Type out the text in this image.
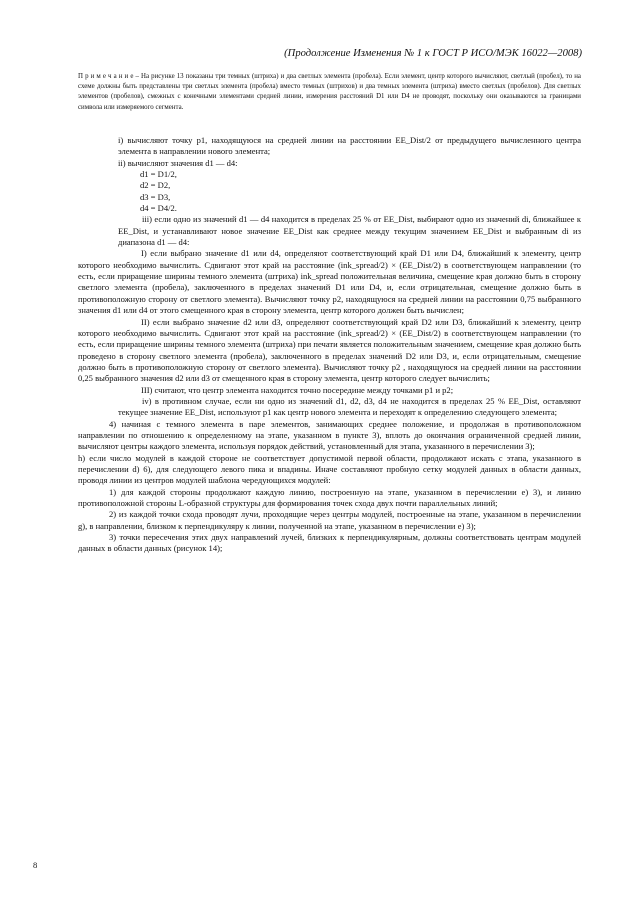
(Продолжение Изменения № 1 к ГОСТ Р ИСО/МЭК 16022—2008)
П р и м е ч а н и е – На рисунке 13 показаны три темных (штриха) и два светлых элемента (пробела). Если элемент, центр которого вычисляют, светлый (пробел), то на схеме должны быть представлены три светлых элемента (пробела) вместо темных (штрихов) и два темных элемента (штриха) вместо светлых (пробелов). Для светлых элементов (пробелов), смежных с конечными элементами средней линии, измерения расстояний D1 или D4 не проводят, поскольку они оказываются за границами символа или измеряемого сегмента.

i) вычисляют точку p1, находящуюся на средней линии на расстоянии EE_Dist/2 от предыдущего вычисленного центра элемента в направлении нового элемента;

ii) вычисляют значения d1 — d4:

d1 = D1/2,

d2 = D2,

d3 = D3,

d4 = D4/2.

iii) если одно из значений d1 — d4 находится в пределах 25 % от EE_Dist, выбирают одно из значений di, ближайшее к EE_Dist, и устанавливают новое значение EE_Dist как среднее между текущим значением EE_Dist и выбранным di из диапазона d1 — d4:

I) если выбрано значение d1 или d4, определяют соответствующий край D1 или D4, ближайший к элементу, центр которого необходимо вычислить. Сдвигают этот край на расстояние (ink_spread/2) × (EE_Dist/2) в соответствующем направлении (то есть, если приращение ширины темного элемента (штриха) ink_spread положительная величина, смещение края должно быть в сторону светлого элемента (пробела), заключенного в пределах значений D1 или D4, и, если отрицательная, смещение должно быть в противоположную сторону от светлого элемента). Вычисляют точку p2, находящуюся на средней линии на расстоянии 0,75 выбранного значения d1 или d4 от этого смещенного края в сторону элемента, центр которого должен быть вычислен;

II) если выбрано значение d2 или d3, определяют соответствующий край D2 или D3, ближайший к элементу, центр которого необходимо вычислить. Сдвигают этот край на расстояние (ink_spread/2) × (EE_Dist/2) в соответствующем направлении (то есть, если приращение ширины темного элемента (штриха) при печати является положительным значением, смещение края должно быть проведено в сторону светлого элемента (пробела), заключенного в пределах значений D2 или D3, и, если отрицательным, смещение должно быть в противоположную сторону от светлого элемента). Вычисляют точку p2 , находящуюся на средней линии на расстоянии 0,25 выбранного значения d2 или d3 от смещенного края в сторону элемента, центр которого следует вычислить;

III) считают, что центр элемента находится точно посередине между точками p1 и p2;

iv) в противном случае, если ни одно из значений d1, d2, d3, d4 не находится в пределах 25 % EE_Dist, оставляют текущее значение EE_Dist, используют p1 как центр нового элемента и переходят к определению следующего элемента;

4) начиная с темного элемента в паре элементов, занимающих среднее положение, и продолжая в противоположном направлении по отношению к определенному на этапе, указанном в пункте 3), вплоть до окончания ограниченной средней линии, вычисляют центры каждого элемента, используя порядок действий, установленный для этапа, указанного в перечислении 3);

h) если число модулей в каждой стороне не соответствует допустимой первой области, продолжают искать с этапа, указанного в перечислении d) 6), для следующего левого пика и впадины. Иначе составляют пробную сетку модулей данных в области данных, проводя линии из центров модулей шаблона чередующихся модулей:

1) для каждой стороны продолжают каждую линию, построенную на этапе, указанном в перечислении e) 3), и линию противоположной стороны L-образной структуры для формирования точек схода двух почти параллельных линий;

2) из каждой точки схода проводят лучи, проходящие через центры модулей, построенные на этапе, указанном в перечислении g), в направлении, близком к перпендикуляру к линии, полученной на этапе, указанном в перечислении e) 3);

3) точки пересечения этих двух направлений лучей, близких к перпендикулярным, должны соответствовать центрам модулей данных в области данных (рисунок 14);

8
